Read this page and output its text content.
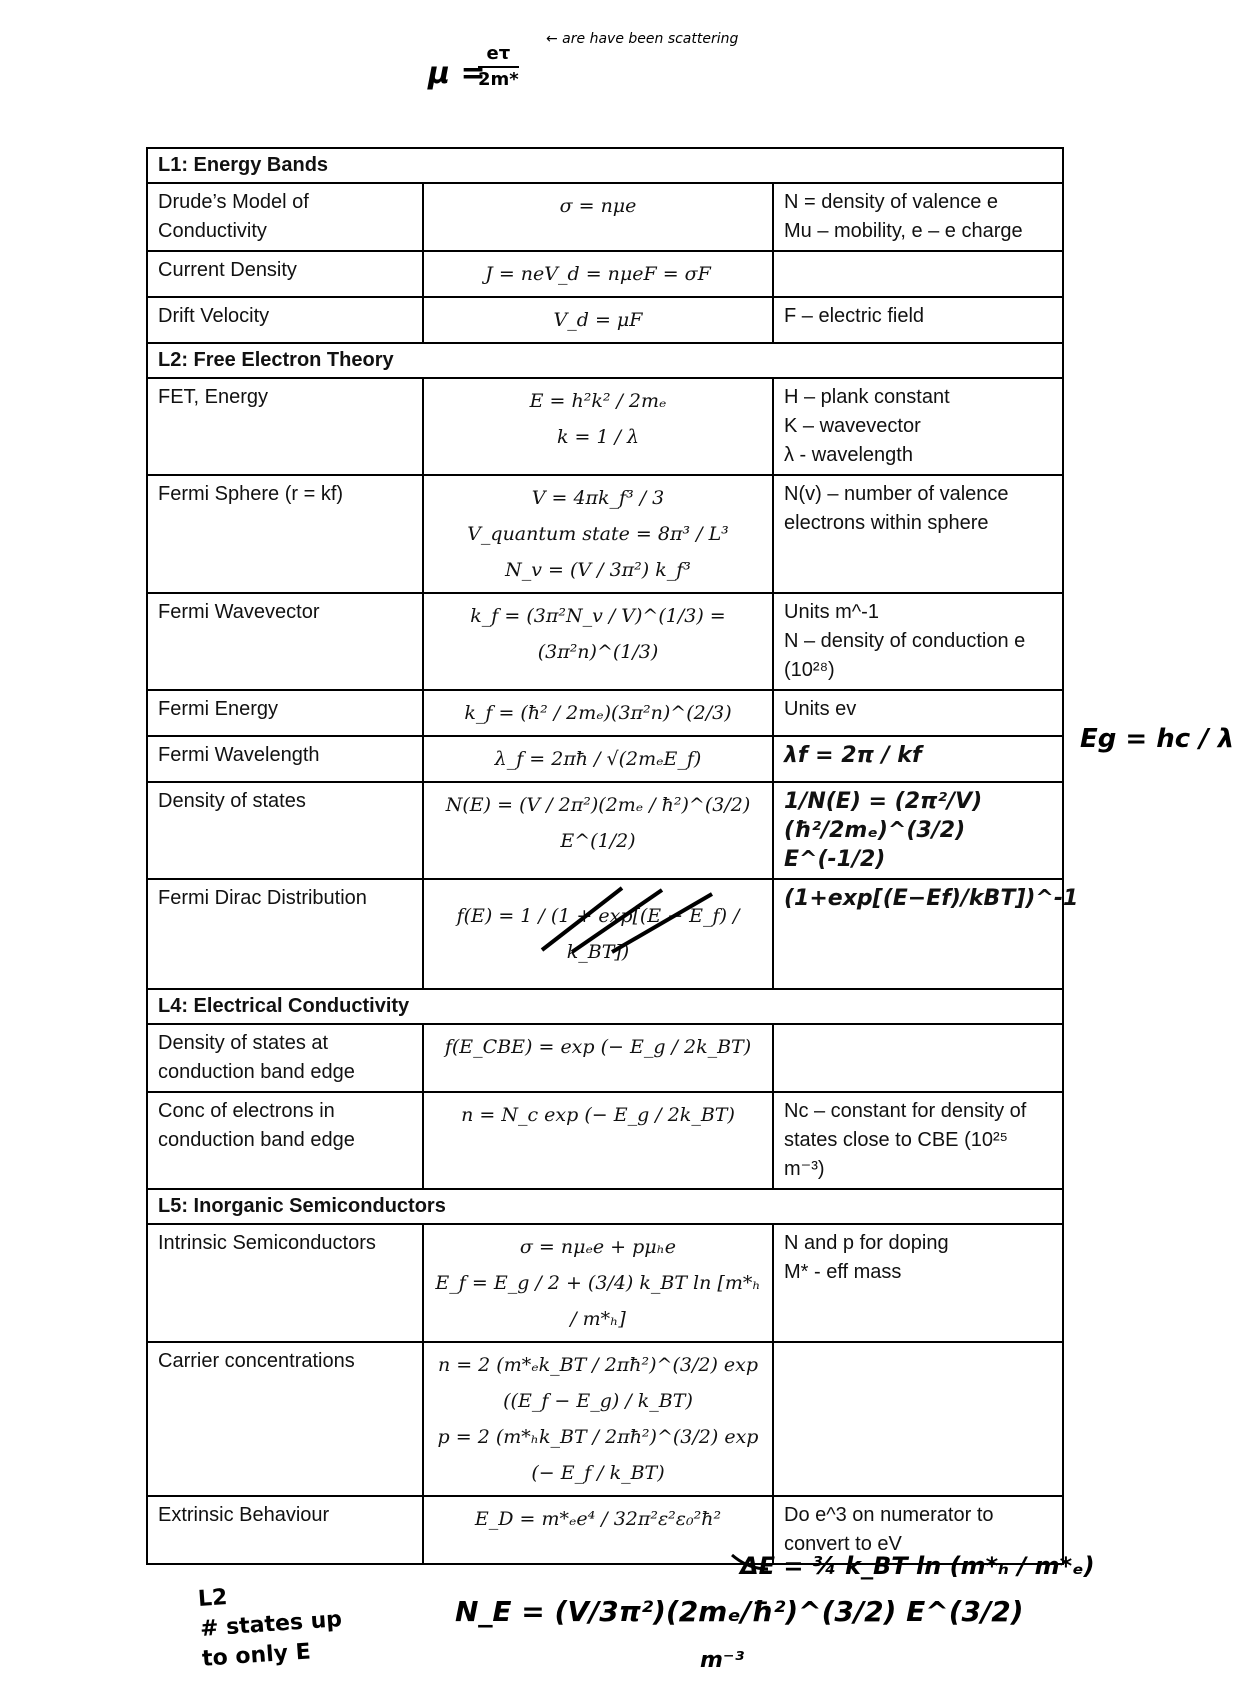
μ =
$\frac{e\tau}{2m*}$
← are have been scattering
L1: Energy Bands		
Drude’s Model of Conductivity	σ = nμe	N = density of valence e
Mu – mobility, e – e charge

Current Density	J = neV_d = nμeF = σF	

Drift Velocity	V_d = μF	F – electric field

L2: Free Electron Theory		
FET, Energy	E = h²k² / 2mₑ
k = 1 / λ	H – plank constant
K – wavevector
λ - wavelength

Fermi Sphere (r = kf)	V = 4πk_f³ / 3
V_quantum state = 8π³ / L³
N_v = (V / 3π²) k_f³	N(v) – number of valence electrons within sphere

Fermi Wavevector	k_f = (3π²N_v / V)^(1/3) = (3π²n)^(1/3)	Units m^-1
N – density of conduction e
(10²⁸)

Fermi Energy	k_f = (ħ² / 2mₑ)(3π²n)^(2/3)	Units ev

Fermi Wavelength	λ_f = 2πħ / √(2mₑE_f)	λf = 2π / kf

Density of states	N(E) = (V / 2π²)(2mₑ / ħ²)^(3/2) E^(1/2)	1/N(E) = (2π²/V)(ħ²/2mₑ)^(3/2) E^(-1/2)

Fermi Dirac Distribution	f(E) = 1 / (1 + exp[(E − E_f) / k_BT])	(1+exp[(E−Ef)/kBT])^-1

L4: Electrical Conductivity		
Density of states at conduction band edge	f(E_CBE) = exp (− E_g / 2k_BT)	

Conc of electrons in conduction band edge	n = N_c exp (− E_g / 2k_BT)	Nc – constant for density of states close to CBE (10²⁵ m⁻³)

L5: Inorganic Semiconductors		
Intrinsic Semiconductors	σ = nμₑe + pμₕe
E_f = E_g / 2 + (3/4) k_BT ln [m*ₕ / m*ₕ]	N and p for doping
M* - eff mass

Carrier concentrations	n = 2 (m*ₑk_BT / 2πħ²)^(3/2) exp ((E_f − E_g) / k_BT)
p = 2 (m*ₕk_BT / 2πħ²)^(3/2) exp (− E_f / k_BT)	

Extrinsic Behaviour	E_D = m*ₑe⁴ / 32π²ε²ε₀²ħ²	Do e^3 on numerator to convert to eV
Eg = hc / λ
L2
# states up
to only E
N_E = (V/3π²)(2mₑ/ħ²)^(3/2) E^(3/2)
m⁻³
ΔE = ¾ k_BT ln (m*ₕ / m*ₑ)
